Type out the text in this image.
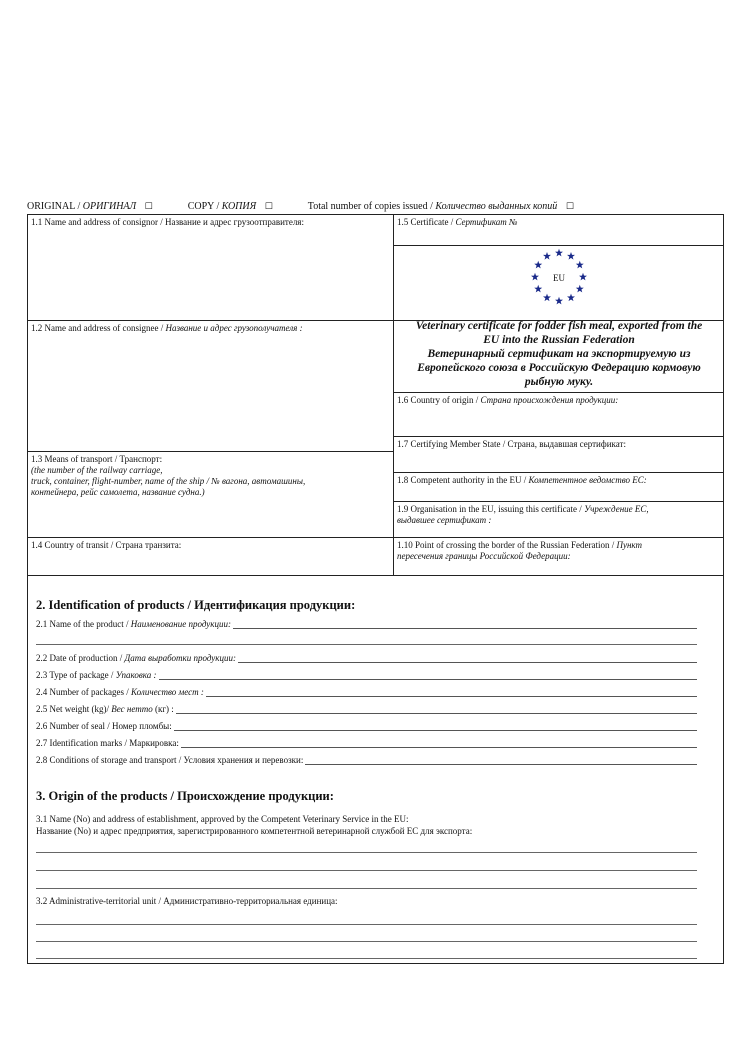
ORIGINAL / ОРИГИНАЛ ☐	COPY / КОПИЯ ☐	Total number of copies issued / Количество выданных копий ☐
1.1 Name and address of consignor / Название и адрес грузоотправителя:
1.2 Name and address of consignee / Название и адрес грузополучателя :
1.3 Means of transport / Транспорт:
(the number of the railway carriage,
truck, container, flight-number, name of the ship / № вагона, автомашины,
контейнера, рейс самолета, название судна.)
1.4 Country of transit / Страна транзита:
1.5 Certificate / Сертификат №
EU
Veterinary certificate for fodder fish meal, exported from the
EU into the Russian Federation
Ветеринарный сертификат на экспортируемую из
Европейского союза в Российскую Федерацию кормовую
рыбную муку.
1.6 Country of origin / Страна происхождения продукции:
1.7 Certifying Member State / Страна, выдавшая сертификат:
1.8 Competent authority in the EU / Компетентное ведомство ЕС:
1.9 Organisation in the EU, issuing this certificate / Учреждение ЕС,
выдавшее сертификат :
1.10 Point of crossing the border of the Russian Federation / Пункт
пересечения границы Российской Федерации:
2. Identification of products / Идентификация продукции:
2.1 Name of the product /
Наименование продукции:
2.2 Date of production /
Дата выработки продукции:
2.3 Type of package /
Упаковка :
2.4 Number of packages /
Количество мест :
2.5 Net weight (kg)/
Вес нетто
(кг) :
2.6 Number of seal / Номер пломбы:
2.7 Identification marks / Маркировка:
2.8 Conditions of storage and transport / Условия хранения и перевозки:
3. Origin of the products / Происхождение продукции:
3.1 Name (No) and address of establishment, approved by the Competent Veterinary Service in the EU:
Название (No) и адрес предприятия, зарегистрированного компетентной ветеринарной службой ЕС для экспорта:
3.2 Administrative-territorial unit / Административно-территориальная единица:
